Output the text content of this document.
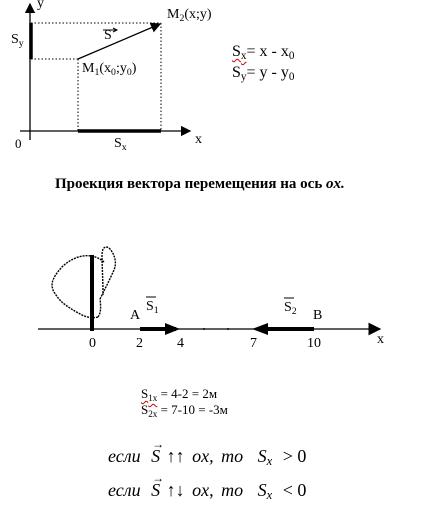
y
x
0
$S_y$
$S_x$
S
$M_2(x;y)$
$M_1(x_0;y_0)$
$S_x= x - x_0$
$S_y= y - y_0$
Проекция вектора перемещения на ось ox.
x
A	B
$S_1$	$S_2$
0	2 4	7	10
$S_{1x} = 4-2 = 2м$
$S_{2x} = 7-10 = -3м$
если
→
S ↑↑ ox, то $S_x > 0$
если
→
S ↑↓ ox, то $S_x < 0$
